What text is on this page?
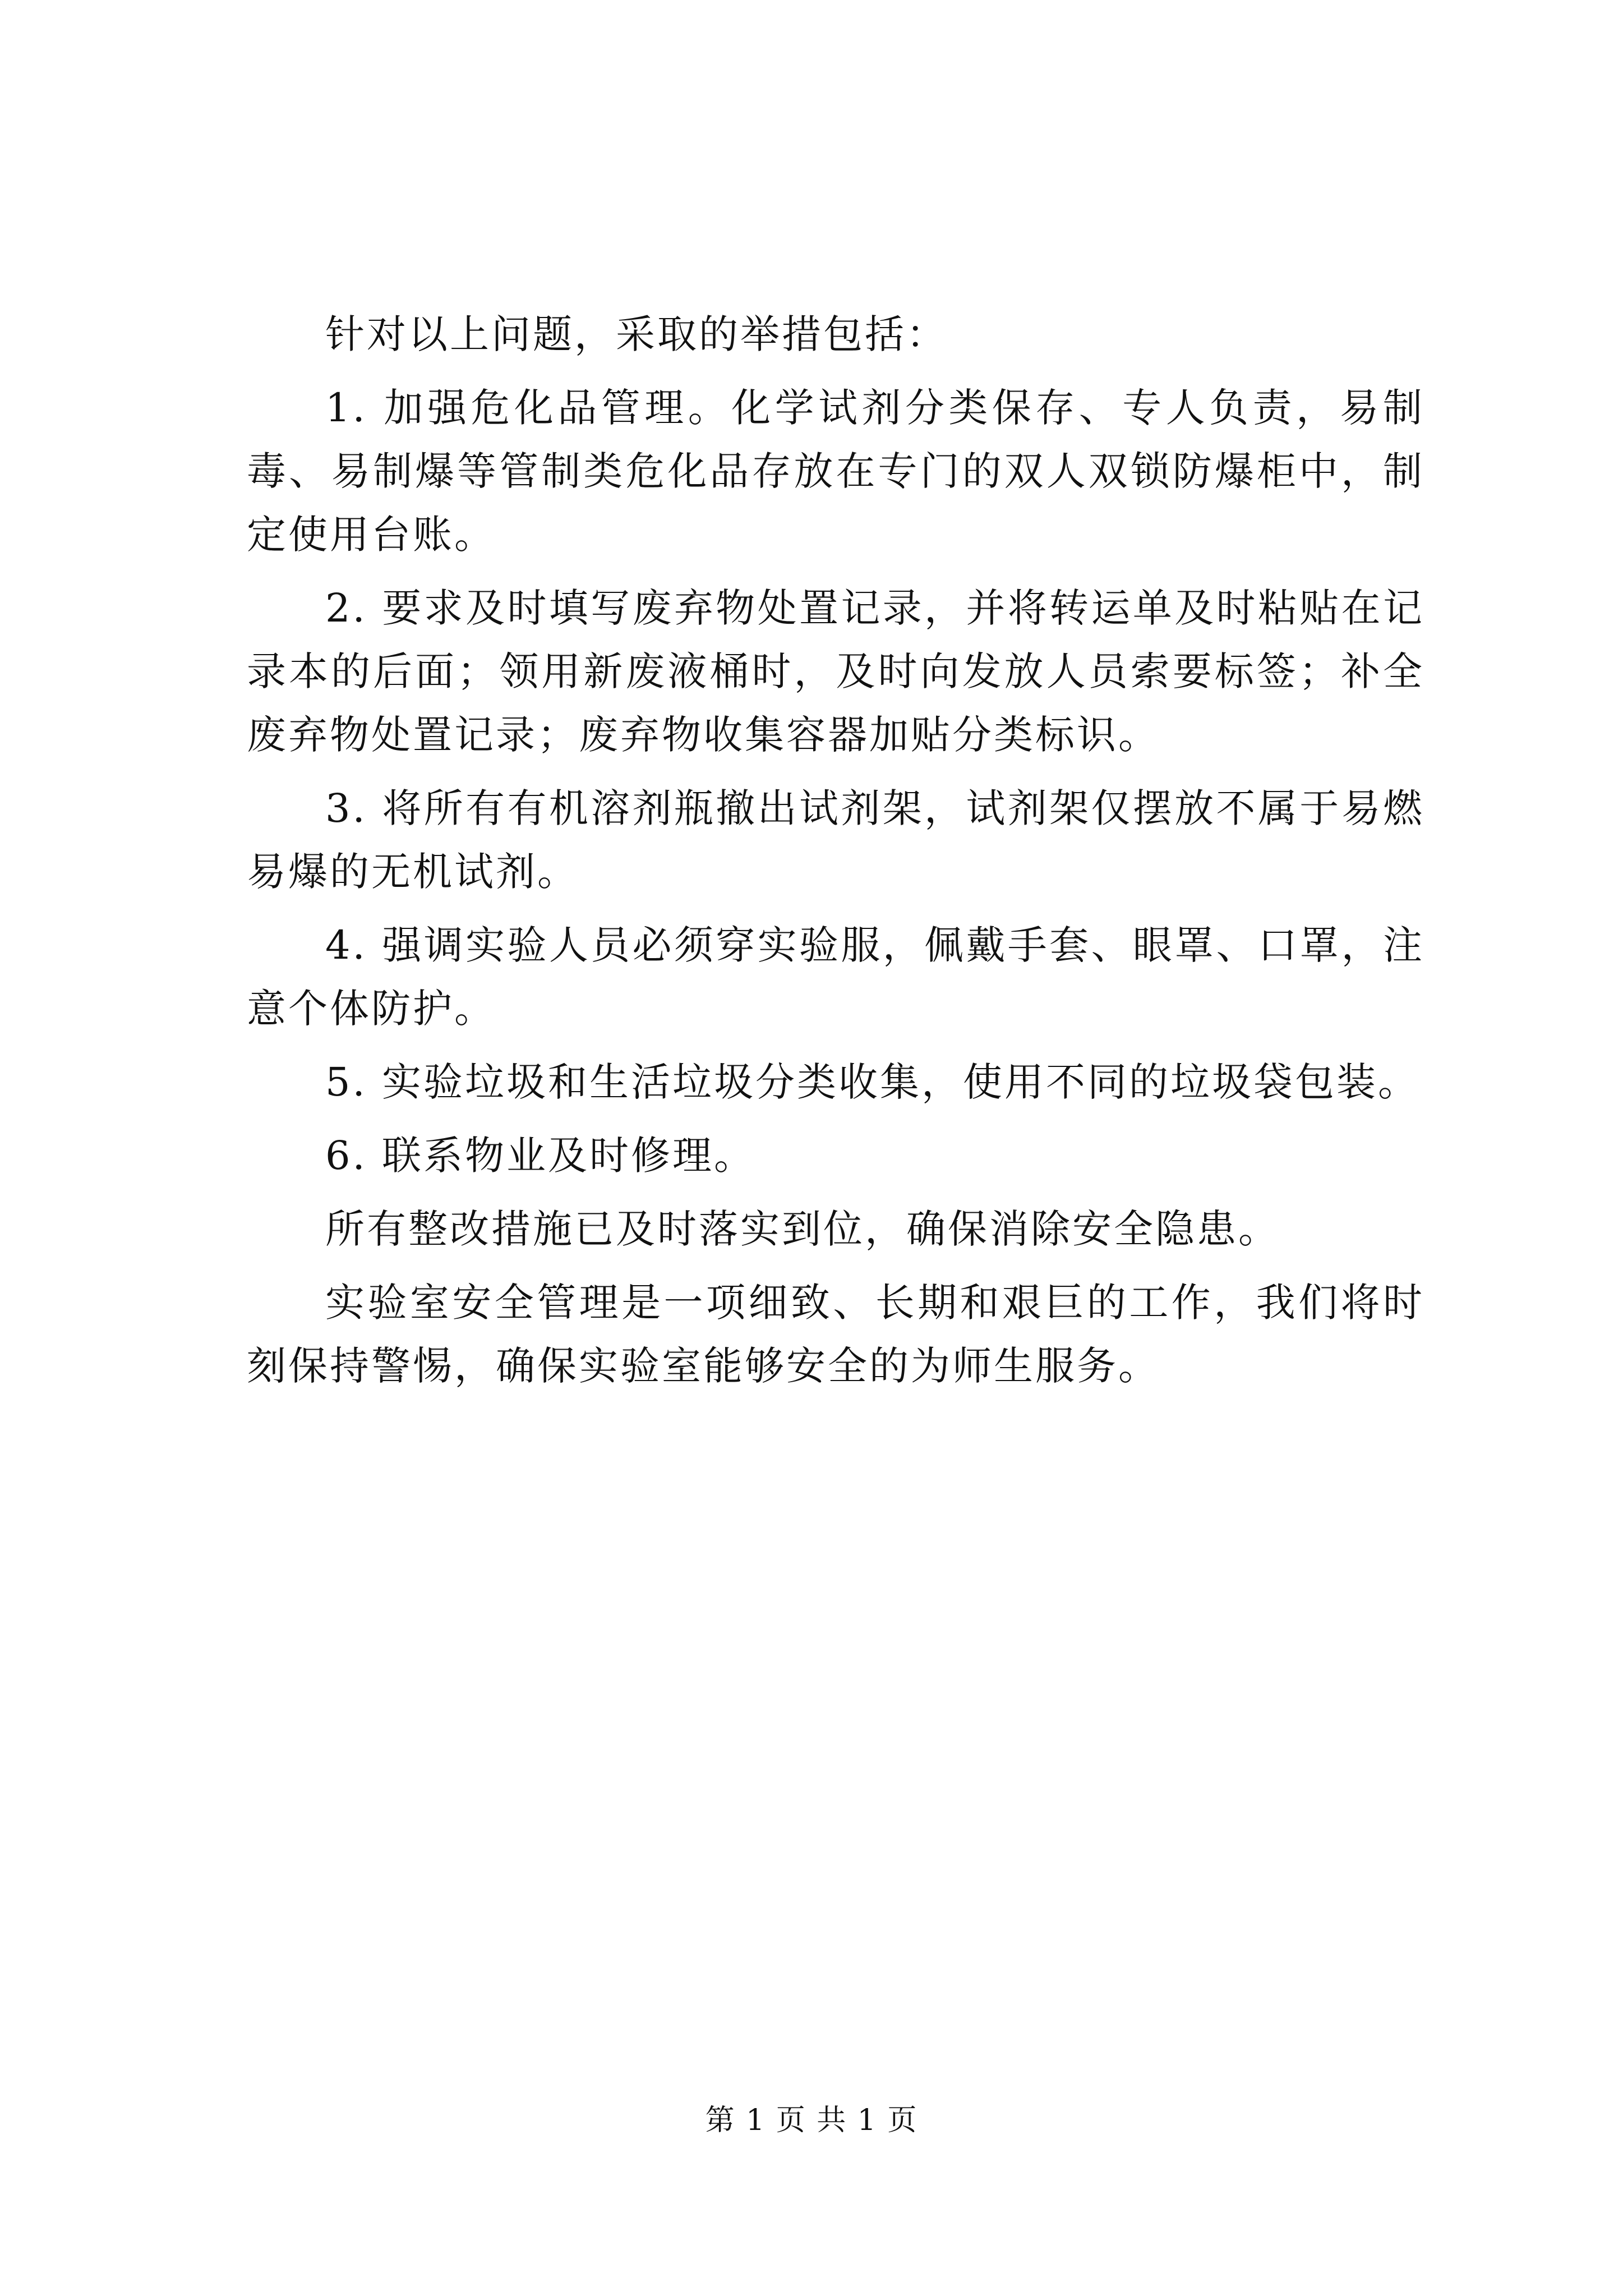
针对以上问题，采取的举措包括：

1. 加强危化品管理。化学试剂分类保存、专人负责，易制毒、易制爆等管制类危化品存放在专门的双人双锁防爆柜中，制定使用台账。

2. 要求及时填写废弃物处置记录，并将转运单及时粘贴在记录本的后面；领用新废液桶时，及时向发放人员索要标签；补全废弃物处置记录；废弃物收集容器加贴分类标识。

3. 将所有有机溶剂瓶撤出试剂架，试剂架仅摆放不属于易燃易爆的无机试剂。

4. 强调实验人员必须穿实验服，佩戴手套、眼罩、口罩，注意个体防护。

5. 实验垃圾和生活垃圾分类收集，使用不同的垃圾袋包装。

6. 联系物业及时修理。

所有整改措施已及时落实到位，确保消除安全隐患。

实验室安全管理是一项细致、长期和艰巨的工作，我们将时刻保持警惕，确保实验室能够安全的为师生服务。

第 1 页 共 1 页
